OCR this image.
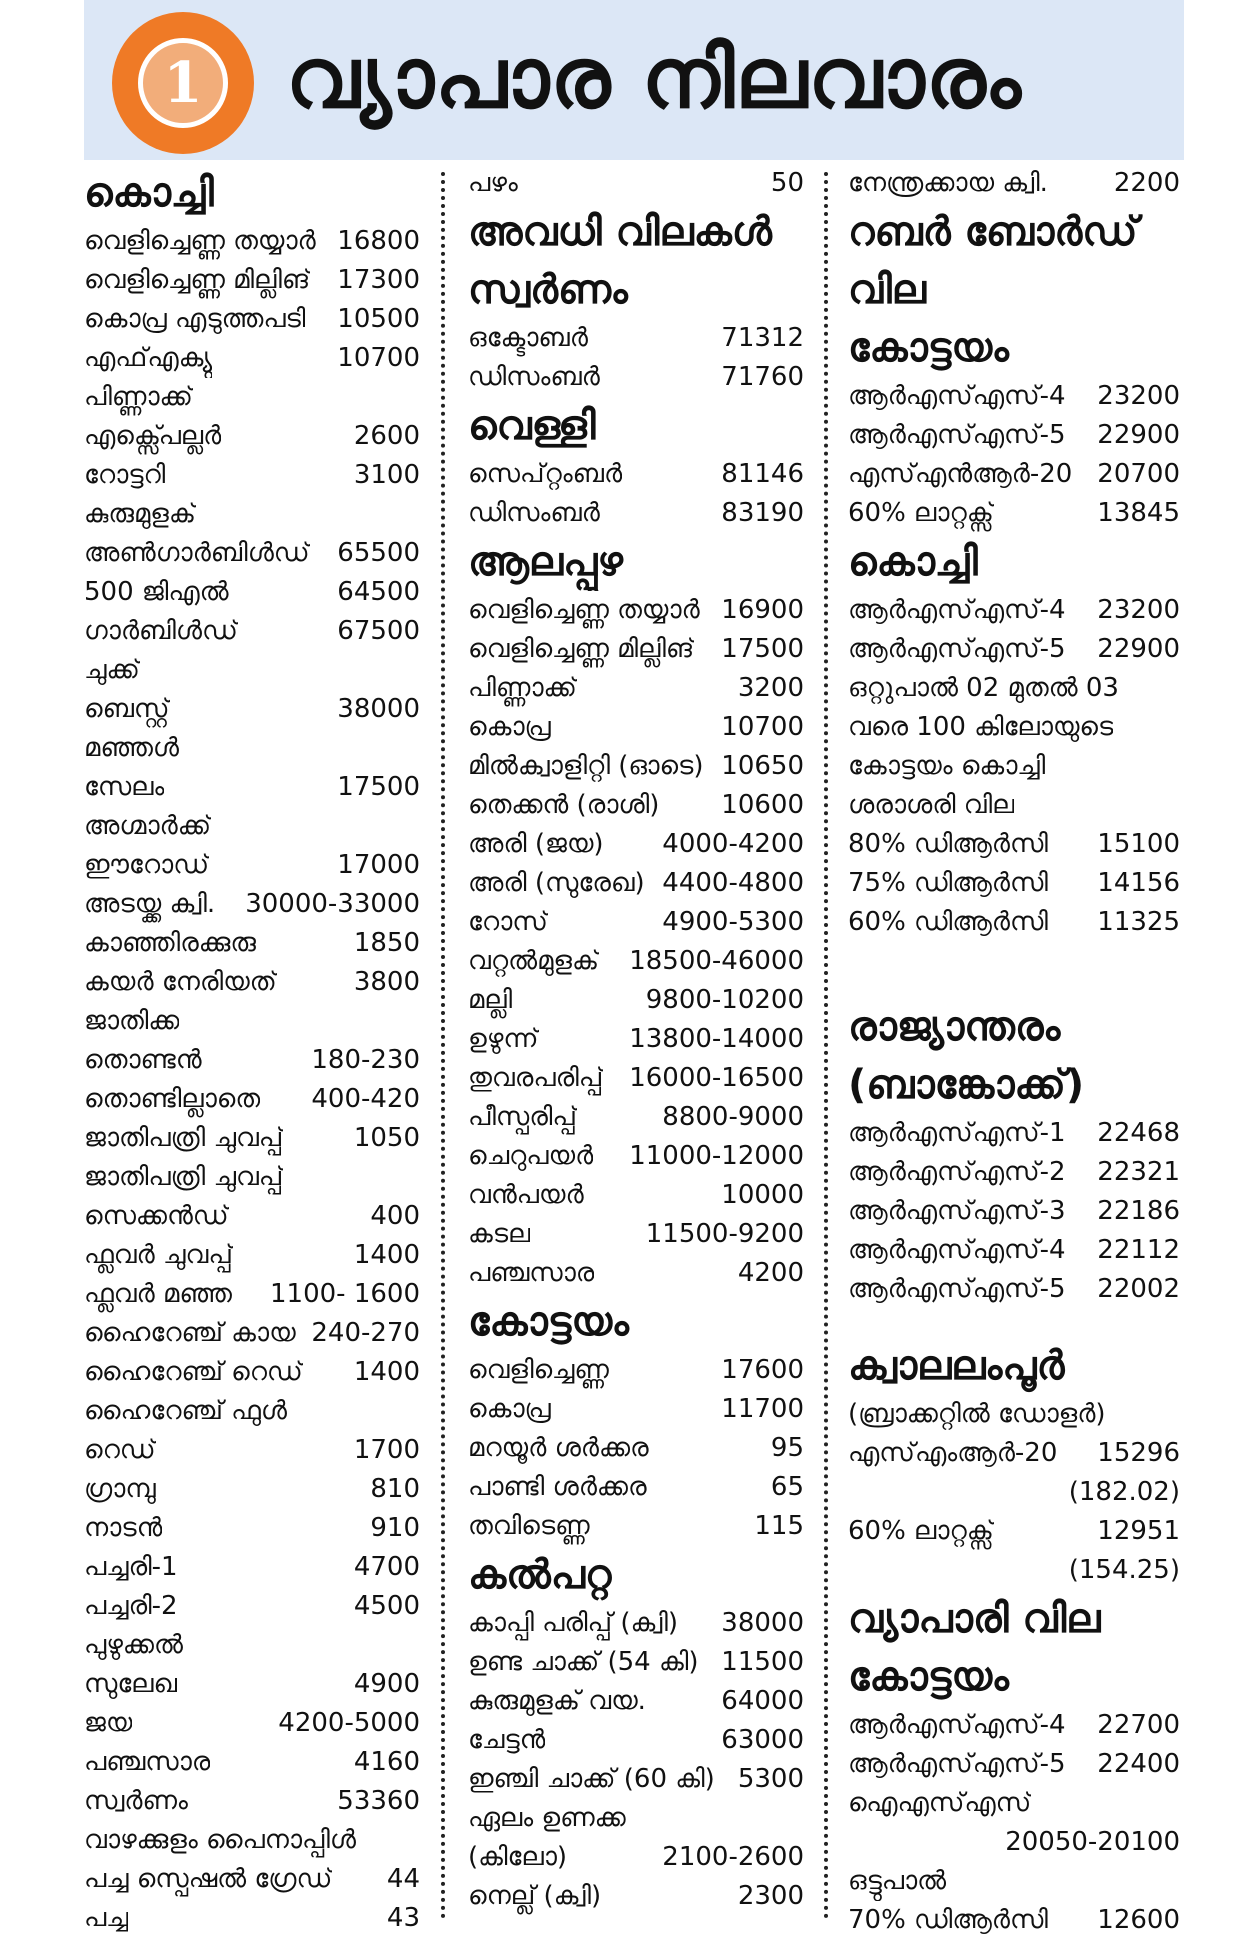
1 വ്യാപാര നിലവാരം
കൊച്ചി
വെളിച്ചെണ്ണ തയ്യാർ 16800
വെളിച്ചെണ്ണ മില്ലിങ് 17300
കൊപ്ര എടുത്തപടി 10500
എഫ്എക്യു	10700
പിണ്ണാക്ക്
എക്സ്പെല്ലർ	2600
റോട്ടറി	3100
കുരുമുളക്
അൺഗാർബിൾഡ് 65500
500 ജിഎൽ	64500
ഗാർബിൾഡ്	67500
ചുക്ക്
ബെസ്റ്റ്	38000
മഞ്ഞൾ
സേലം	17500
അഗ്മാർക്ക്
ഈറോഡ്	17000
അടയ്ക്ക ക്വി. 30000-33000
കാഞ്ഞിരക്കുരു	1850
കയർ നേരിയത്	3800
ജാതിക്ക
തൊണ്ടൻ	180-230
തൊണ്ടില്ലാതെ 400-420
ജാതിപത്രി ചുവപ്പ്	1050
ജാതിപത്രി ചുവപ്പ്
സെക്കൻഡ്	400
ഫ്ലവർ ചുവപ്പ്	1400
ഫ്ലവർ മഞ്ഞ 1100- 1600
ഹൈറേഞ്ച് കായ 240-270
ഹൈറേഞ്ച് റെഡ് 1400
ഹൈറേഞ്ച് ഫുൾ
റെഡ്	1700
ഗ്രാമ്പു	810
നാടൻ	910
പച്ചരി-1	4700
പച്ചരി-2	4500
പുഴുക്കൽ
സുലേഖ	4900
ജയ	4200-5000
പഞ്ചസാര	4160
സ്വർണം	53360
വാഴക്കുളം പൈനാപ്പിൾ
പച്ച സ്പെഷൽ ഗ്രേഡ് 44
പച്ച	43
പഴം	50
അവധി വിലകൾ
സ്വർണം
ഒക്ടോബർ	71312
ഡിസംബർ	71760
വെള്ളി
സെപ്റ്റംബർ	81146
ഡിസംബർ	83190
ആലപ്പുഴ
വെളിച്ചെണ്ണ തയ്യാർ 16900
വെളിച്ചെണ്ണ മില്ലിങ് 17500
പിണ്ണാക്ക്	3200
കൊപ്ര	10700
മിൽക്വാളിറ്റി (ഓടെ) 10650
തെക്കൻ (രാശി) 10600
അരി (ജയ) 4000-4200
അരി (സുരേഖ) 4400-4800
റോസ്	4900-5300
വറ്റൽമുളക് 18500-46000
മല്ലി	9800-10200
ഉഴുന്ന്	13800-14000
തുവരപരിപ്പ് 16000-16500
പീസ്പരിപ്പ്	8800-9000
ചെറുപയർ 11000-12000
വൻപയർ	10000
കടല	11500-9200
പഞ്ചസാര	4200
കോട്ടയം
വെളിച്ചെണ്ണ	17600
കൊപ്ര	11700
മറയൂർ ശർക്കര	95
പാണ്ടി ശർക്കര	65
തവിടെണ്ണ	115
കൽപറ്റ
കാപ്പി പരിപ്പ് (ക്വി) 38000
ഉണ്ട ചാക്ക് (54 കി) 11500
കുരുമുളക് വയ.	64000
ചേട്ടൻ	63000
ഇഞ്ചി ചാക്ക് (60 കി) 5300
ഏലം ഉണക്ക
(കിലോ)	2100-2600
നെല്ല് (ക്വി)	2300
നേന്ത്രക്കായ ക്വി.	2200
റബർ ബോർഡ്
വില
കോട്ടയം
ആർഎസ്എസ്-4 23200
ആർഎസ്എസ്-5 22900
എസ്എൻആർ-20 20700
60% ലാറ്റക്സ്	13845
കൊച്ചി
ആർഎസ്എസ്-4 23200
ആർഎസ്എസ്-5 22900
ഒറ്റുപാൽ 02 മുതൽ 03
വരെ 100 കിലോയുടെ
കോട്ടയം കൊച്ചി
ശരാശരി വില
80% ഡിആർസി 15100
75% ഡിആർസി 14156
60% ഡിആർസി 11325
രാജ്യാന്തരം
(ബാങ്കോക്ക്)
ആർഎസ്എസ്-1 22468
ആർഎസ്എസ്-2 22321
ആർഎസ്എസ്-3 22186
ആർഎസ്എസ്-4 22112
ആർഎസ്എസ്-5 22002
ക്വാലലംപൂർ
(ബ്രാക്കറ്റിൽ ഡോളർ)
എസ്എംആർ-20 15296
(182.02)
60% ലാറ്റക്സ്	12951
(154.25)
വ്യാപാരി വില
കോട്ടയം
ആർഎസ്എസ്-4 22700
ആർഎസ്എസ്-5 22400
ഐഎസ്എസ്
20050-20100
ഒട്ടുപാൽ
70% ഡിആർസി 12600
